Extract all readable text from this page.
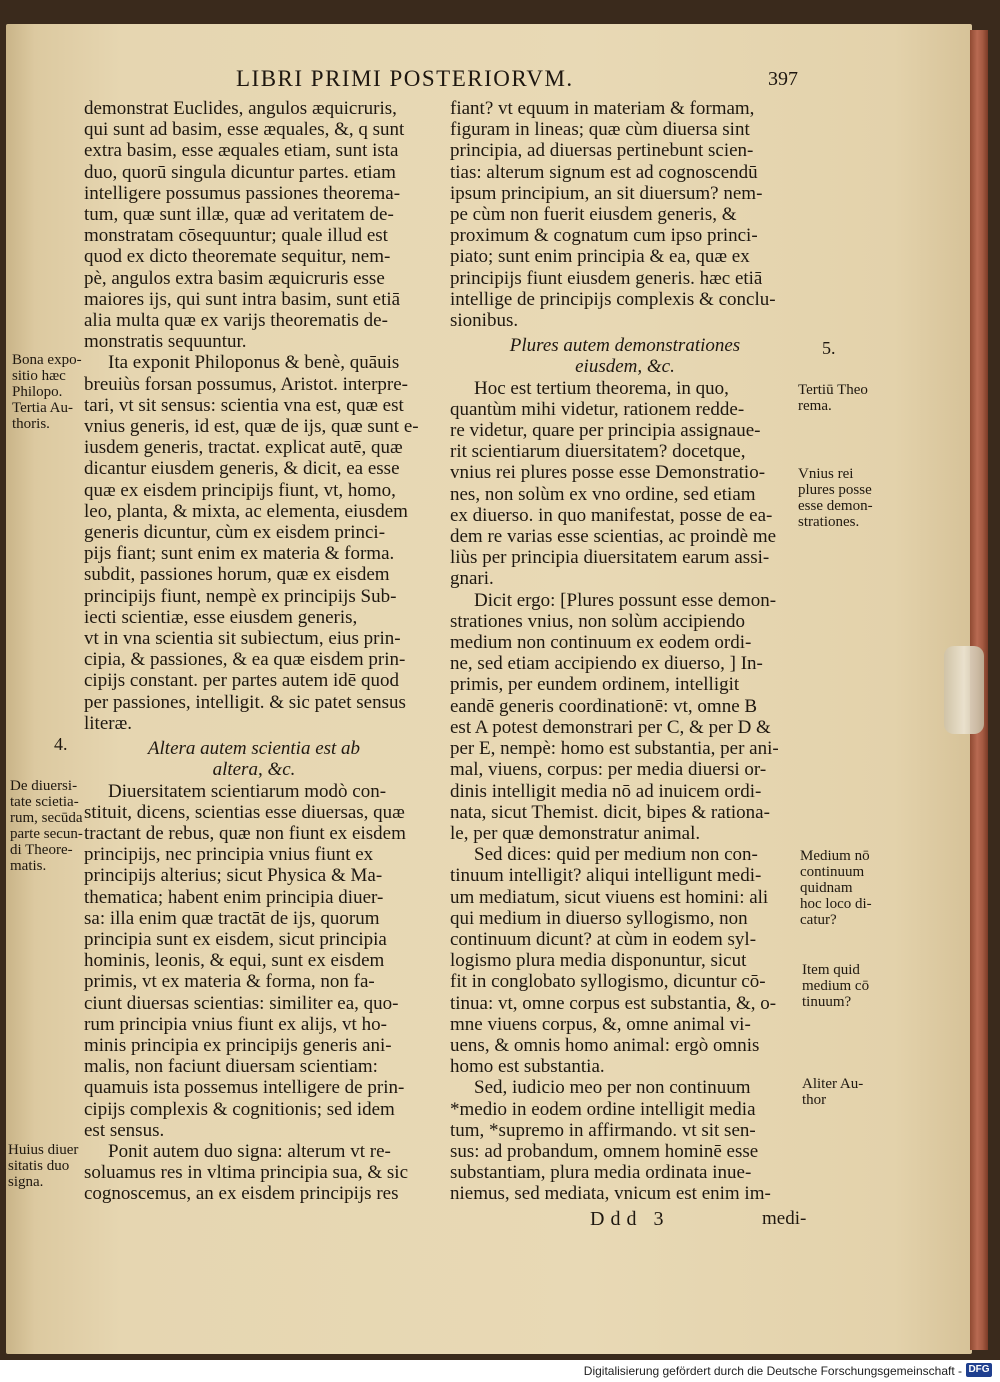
LIBRI PRIMI POSTERIORVM.	397
demonstrat Euclides, angulos æquicruris,
qui sunt ad basim, esse æquales, &, q sunt
extra basim, esse æquales etiam, sunt ista
duo, quorū singula dicuntur partes. etiam
intelligere possumus passiones theorema-
tum, quæ sunt illæ, quæ ad veritatem de-
monstratam cōsequuntur; quale illud est
quod ex dicto theoremate sequitur, nem-
pè, angulos extra basim æquicruris esse
maiores ijs, qui sunt intra basim, sunt etiā
alia multa quæ ex varijs theorematis de-
monstratis sequuntur.
Ita exponit Philoponus & benè, quāuis
breuiùs forsan possumus, Aristot. interpre-
tari, vt sit sensus: scientia vna est, quæ est
vnius generis, id est, quæ de ijs, quæ sunt e-
iusdem generis, tractat. explicat autē, quæ
dicantur eiusdem generis, & dicit, ea esse
quæ ex eisdem principijs fiunt, vt, homo,
leo, planta, & mixta, ac elementa, eiusdem
generis dicuntur, cùm ex eisdem princi-
pijs fiant; sunt enim ex materia & forma.
subdit, passiones horum, quæ ex eisdem
principijs fiunt, nempè ex principijs Sub-
iecti scientiæ, esse eiusdem generis,
vt in vna scientia sit subiectum, eius prin-
cipia, & passiones, & ea quæ eisdem prin-
cipijs constant. per partes autem idē quod
per passiones, intelligit. & sic patet sensus
literæ.
Altera autem scientia est ab
altera, &c.
Diuersitatem scientiarum modò con-
stituit, dicens, scientias esse diuersas, quæ
tractant de rebus, quæ non fiunt ex eisdem
principijs, nec principia vnius fiunt ex
principijs alterius; sicut Physica & Ma-
thematica; habent enim principia diuer-
sa: illa enim quæ tractāt de ijs, quorum
principia sunt ex eisdem, sicut principia
hominis, leonis, & equi, sunt ex eisdem
primis, vt ex materia & forma, non fa-
ciunt diuersas scientias: similiter ea, quo-
rum principia vnius fiunt ex alijs, vt ho-
minis principia ex principijs generis ani-
malis, non faciunt diuersam scientiam:
quamuis ista possemus intelligere de prin-
cipijs complexis & cognitionis; sed idem
est sensus.
Ponit autem duo signa: alterum vt re-
soluamus res in vltima principia sua, & sic
cognoscemus, an ex eisdem principijs res
fiant? vt equum in materiam & formam,
figuram in lineas; quæ cùm diuersa sint
principia, ad diuersas pertinebunt scien-
tias: alterum signum est ad cognoscendū
ipsum principium, an sit diuersum? nem-
pe cùm non fuerit eiusdem generis, &
proximum & cognatum cum ipso princi-
piato; sunt enim principia & ea, quæ ex
principijs fiunt eiusdem generis. hæc etiā
intellige de principijs complexis & conclu-
sionibus.
Plures autem demonstrationes
eiusdem, &c.
Hoc est tertium theorema, in quo,
quantùm mihi videtur, rationem redde-
re videtur, quare per principia assignaue-
rit scientiarum diuersitatem? docetque,
vnius rei plures posse esse Demonstratio-
nes, non solùm ex vno ordine, sed etiam
ex diuerso. in quo manifestat, posse de ea-
dem re varias esse scientias, ac proindè me
liùs per principia diuersitatem earum assi-
gnari.
Dicit ergo: [Plures possunt esse demon-
strationes vnius, non solùm accipiendo
medium non continuum ex eodem ordi-
ne, sed etiam accipiendo ex diuerso, ] In-
primis, per eundem ordinem, intelligit
eandē generis coordinationē: vt, omne B
est A potest demonstrari per C, & per D &
per E, nempè: homo est substantia, per ani-
mal, viuens, corpus: per media diuersi or-
dinis intelligit media nō ad inuicem ordi-
nata, sicut Themist. dicit, bipes & rationa-
le, per quæ demonstratur animal.
Sed dices: quid per medium non con-
tinuum intelligit? aliqui intelligunt medi-
um mediatum, sicut viuens est homini: ali
qui medium in diuerso syllogismo, non
continuum dicunt? at cùm in eodem syl-
logismo plura media disponuntur, sicut
fit in conglobato syllogismo, dicuntur cō-
tinua: vt, omne corpus est substantia, &, o-
mne viuens corpus, &, omne animal vi-
uens, & omnis homo animal: ergò omnis
homo est substantia.
Sed, iudicio meo per non continuum
*medio in eodem ordine intelligit media
tum, *supremo in affirmando. vt sit sen-
sus: ad probandum, omnem hominē esse
substantiam, plura media ordinata inue-
niemus, sed mediata, vnicum est enim im-
Bona expo-
sitio hæc
Philopo.
Tertia Au-
thoris.
4.
De diuersi-
tate scietia-
rum, secūda
parte secun-
di Theore-
matis.
Huius diuer
sitatis duo
signa.
5.
Tertiū Theo
rema.
Vnius rei
plures posse
esse demon-
strationes.
Medium nō
continuum
quidnam
hoc loco di-
catur?
Item quid
medium cō
tinuum?
Aliter Au-
thor
Ddd 3	medi-
Digitalisierung gefördert durch die Deutsche Forschungsgemeinschaft - DFG
